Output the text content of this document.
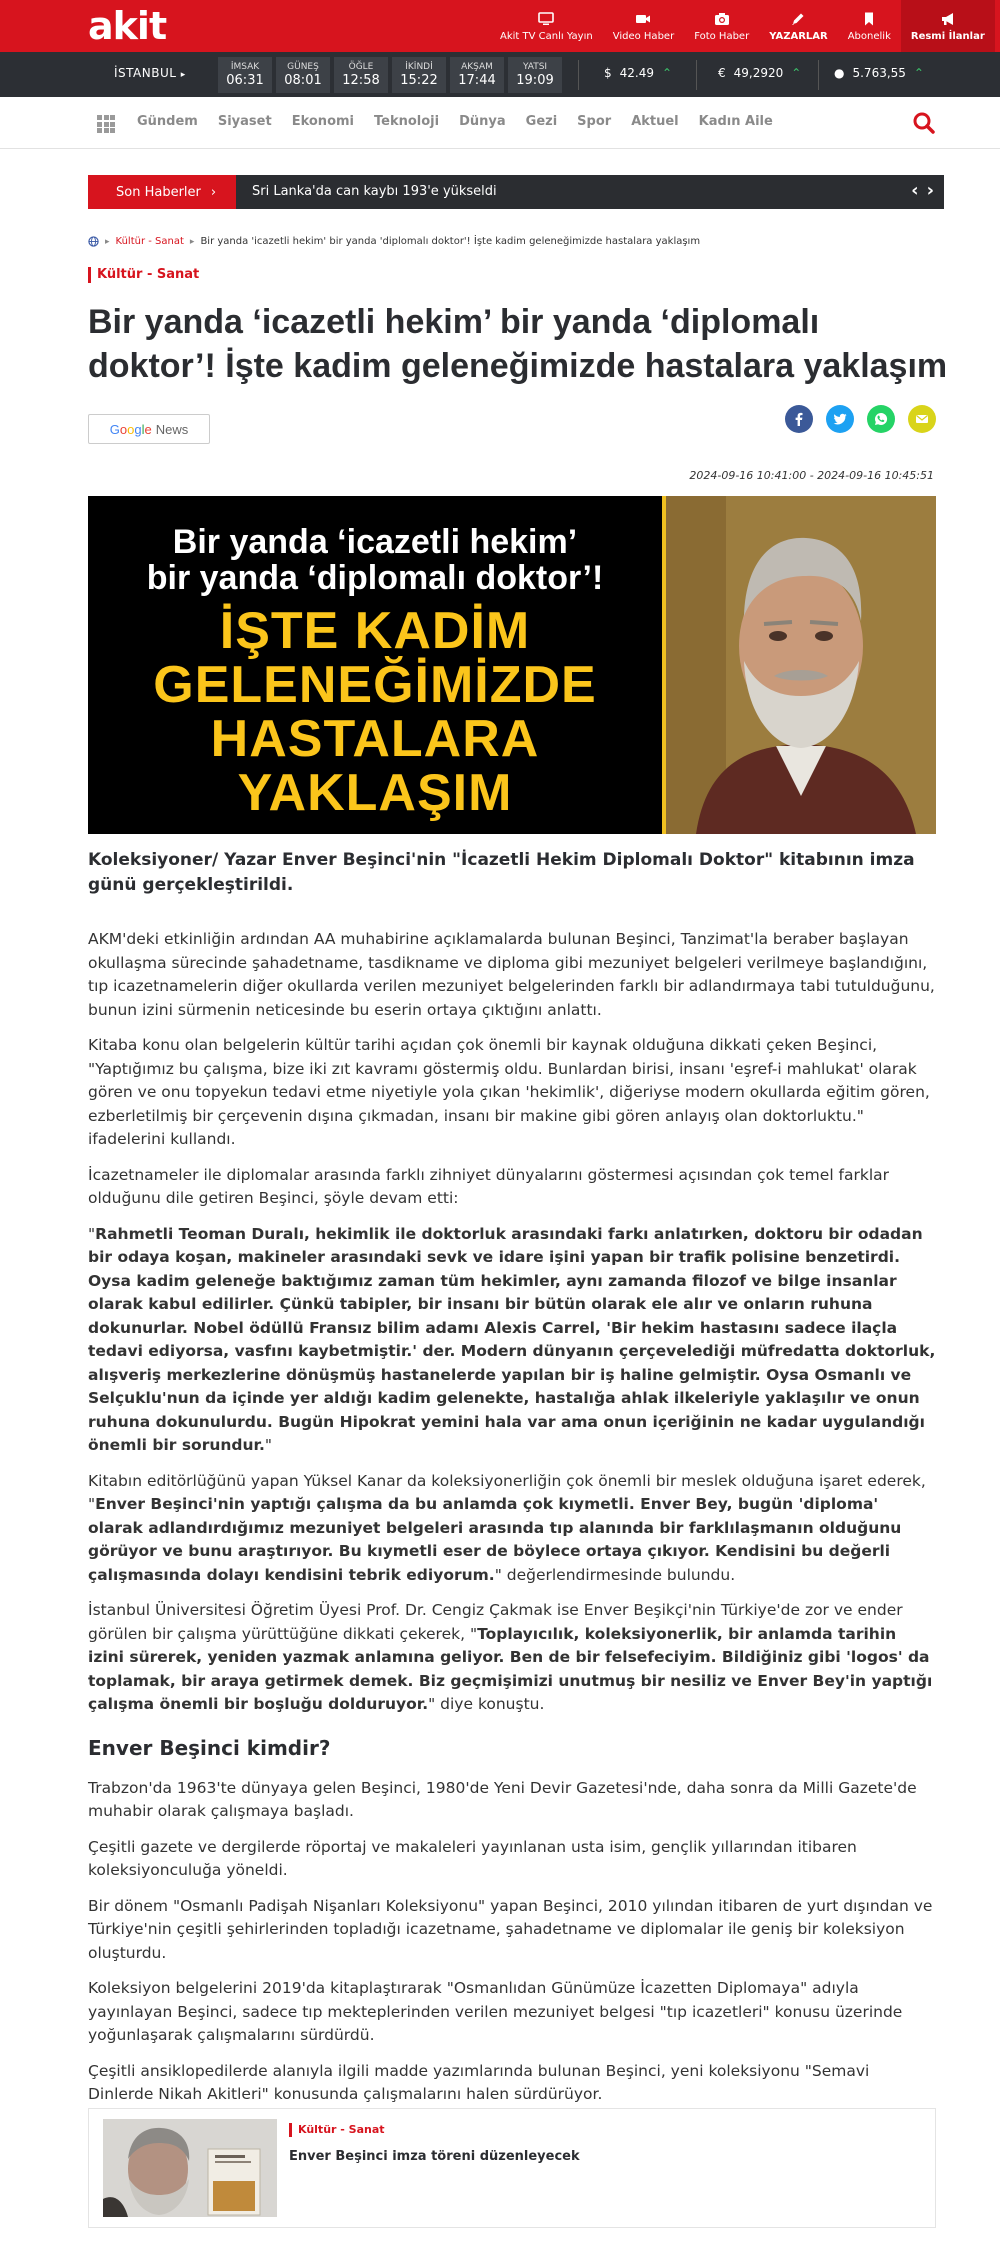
akit	Akit TV Canlı Yayın Video Haber Foto Haber YAZARLAR Abonelik Resmi İlanlar
İSTANBUL ▸
İMSAK
06:31
GÜNEŞ
08:01
ÖĞLE
12:58
İKİNDİ
15:22
AKŞAM
17:44
YATSI
19:09	$ 42.49 ⌃	€ 49,2920 ⌃	● 5.763,55 ⌃
Gündem Siyaset Ekonomi Teknoloji Dünya Gezi Spor Aktuel Kadın Aile
Son Haberler ›	Sri Lanka'da can kaybı 193'e yükseldi	‹ ›
▸ Kültür - Sanat ▸ Bir yanda 'icazetli hekim' bir yanda 'diplomalı doktor'! İşte kadim geleneğimizde hastalara yaklaşım
Kültür - Sanat
Bir yanda ‘icazetli hekim’ bir yanda ‘diplomalı doktor’! İşte kadim geleneğimizde hastalara yaklaşım
G o o g l e News
2024-09-16 10:41:00 - 2024-09-16 10:45:51
Bir yanda ‘icazetli hekim’
bir yanda ‘diplomalı doktor’!
İŞTE KADİM
GELENEĞİMİZDE
HASTALARA
YAKLAŞIM
Koleksiyoner/ Yazar Enver Beşinci'nin "İcazetli Hekim Diplomalı Doktor" kitabının imza günü gerçekleştirildi.

AKM'deki etkinliğin ardından AA muhabirine açıklamalarda bulunan Beşinci, Tanzimat'la beraber başlayan okullaşma sürecinde şahadetname, tasdikname ve diploma gibi mezuniyet belgeleri verilmeye başlandığını, tıp icazetnamelerin diğer okullarda verilen mezuniyet belgelerinden farklı bir adlandırmaya tabi tutulduğunu, bunun izini sürmenin neticesinde bu eserin ortaya çıktığını anlattı.

Kitaba konu olan belgelerin kültür tarihi açıdan çok önemli bir kaynak olduğuna dikkati çeken Beşinci, "Yaptığımız bu çalışma, bize iki zıt kavramı göstermiş oldu. Bunlardan birisi, insanı 'eşref-i mahlukat' olarak gören ve onu topyekun tedavi etme niyetiyle yola çıkan 'hekimlik', diğeriyse modern okullarda eğitim gören, ezberletilmiş bir çerçevenin dışına çıkmadan, insanı bir makine gibi gören anlayış olan doktorluktu." ifadelerini kullandı.

İcazetnameler ile diplomalar arasında farklı zihniyet dünyalarını göstermesi açısından çok temel farklar olduğunu dile getiren Beşinci, şöyle devam etti:

"Rahmetli Teoman Duralı, hekimlik ile doktorluk arasındaki farkı anlatırken, doktoru bir odadan bir odaya koşan, makineler arasındaki sevk ve idare işini yapan bir trafik polisine benzetirdi. Oysa kadim geleneğe baktığımız zaman tüm hekimler, aynı zamanda filozof ve bilge insanlar olarak kabul edilirler. Çünkü tabipler, bir insanı bir bütün olarak ele alır ve onların ruhuna dokunurlar. Nobel ödüllü Fransız bilim adamı Alexis Carrel, 'Bir hekim hastasını sadece ilaçla tedavi ediyorsa, vasfını kaybetmiştir.' der. Modern dünyanın çerçevelediği müfredatta doktorluk, alışveriş merkezlerine dönüşmüş hastanelerde yapılan bir iş haline gelmiştir. Oysa Osmanlı ve Selçuklu'nun da içinde yer aldığı kadim gelenekte, hastalığa ahlak ilkeleriyle yaklaşılır ve onun ruhuna dokunulurdu. Bugün Hipokrat yemini hala var ama onun içeriğinin ne kadar uygulandığı önemli bir sorundur."

Kitabın editörlüğünü yapan Yüksel Kanar da koleksiyonerliğin çok önemli bir meslek olduğuna işaret ederek, "Enver Beşinci'nin yaptığı çalışma da bu anlamda çok kıymetli. Enver Bey, bugün 'diploma' olarak adlandırdığımız mezuniyet belgeleri arasında tıp alanında bir farklılaşmanın olduğunu görüyor ve bunu araştırıyor. Bu kıymetli eser de böylece ortaya çıkıyor. Kendisini bu değerli çalışmasında dolayı kendisini tebrik ediyorum." değerlendirmesinde bulundu.

İstanbul Üniversitesi Öğretim Üyesi Prof. Dr. Cengiz Çakmak ise Enver Beşikçi'nin Türkiye'de zor ve ender görülen bir çalışma yürüttüğüne dikkati çekerek, "Toplayıcılık, koleksiyonerlik, bir anlamda tarihin izini sürerek, yeniden yazmak anlamına geliyor. Ben de bir felsefeciyim. Bildiğiniz gibi 'logos' da toplamak, bir araya getirmek demek. Biz geçmişimizi unutmuş bir nesiliz ve Enver Bey'in yaptığı çalışma önemli bir boşluğu dolduruyor." diye konuştu.

Enver Beşinci kimdir?

Trabzon'da 1963'te dünyaya gelen Beşinci, 1980'de Yeni Devir Gazetesi'nde, daha sonra da Milli Gazete'de muhabir olarak çalışmaya başladı.

Çeşitli gazete ve dergilerde röportaj ve makaleleri yayınlanan usta isim, gençlik yıllarından itibaren koleksiyonculuğa yöneldi.

Bir dönem "Osmanlı Padişah Nişanları Koleksiyonu" yapan Beşinci, 2010 yılından itibaren de yurt dışından ve Türkiye'nin çeşitli şehirlerinden topladığı icazetname, şahadetname ve diplomalar ile geniş bir koleksiyon oluşturdu.

Koleksiyon belgelerini 2019'da kitaplaştırarak "Osmanlıdan Günümüze İcazetten Diplomaya" adıyla yayınlayan Beşinci, sadece tıp mekteplerinden verilen mezuniyet belgesi "tıp icazetleri" konusu üzerinde yoğunlaşarak çalışmalarını sürdürdü.

Çeşitli ansiklopedilerde alanıyla ilgili madde yazımlarında bulunan Beşinci, yeni koleksiyonu "Semavi Dinlerde Nikah Akitleri" konusunda çalışmalarını halen sürdürüyor.

Kültür - Sanat
Enver Beşinci imza töreni düzenleyecek
